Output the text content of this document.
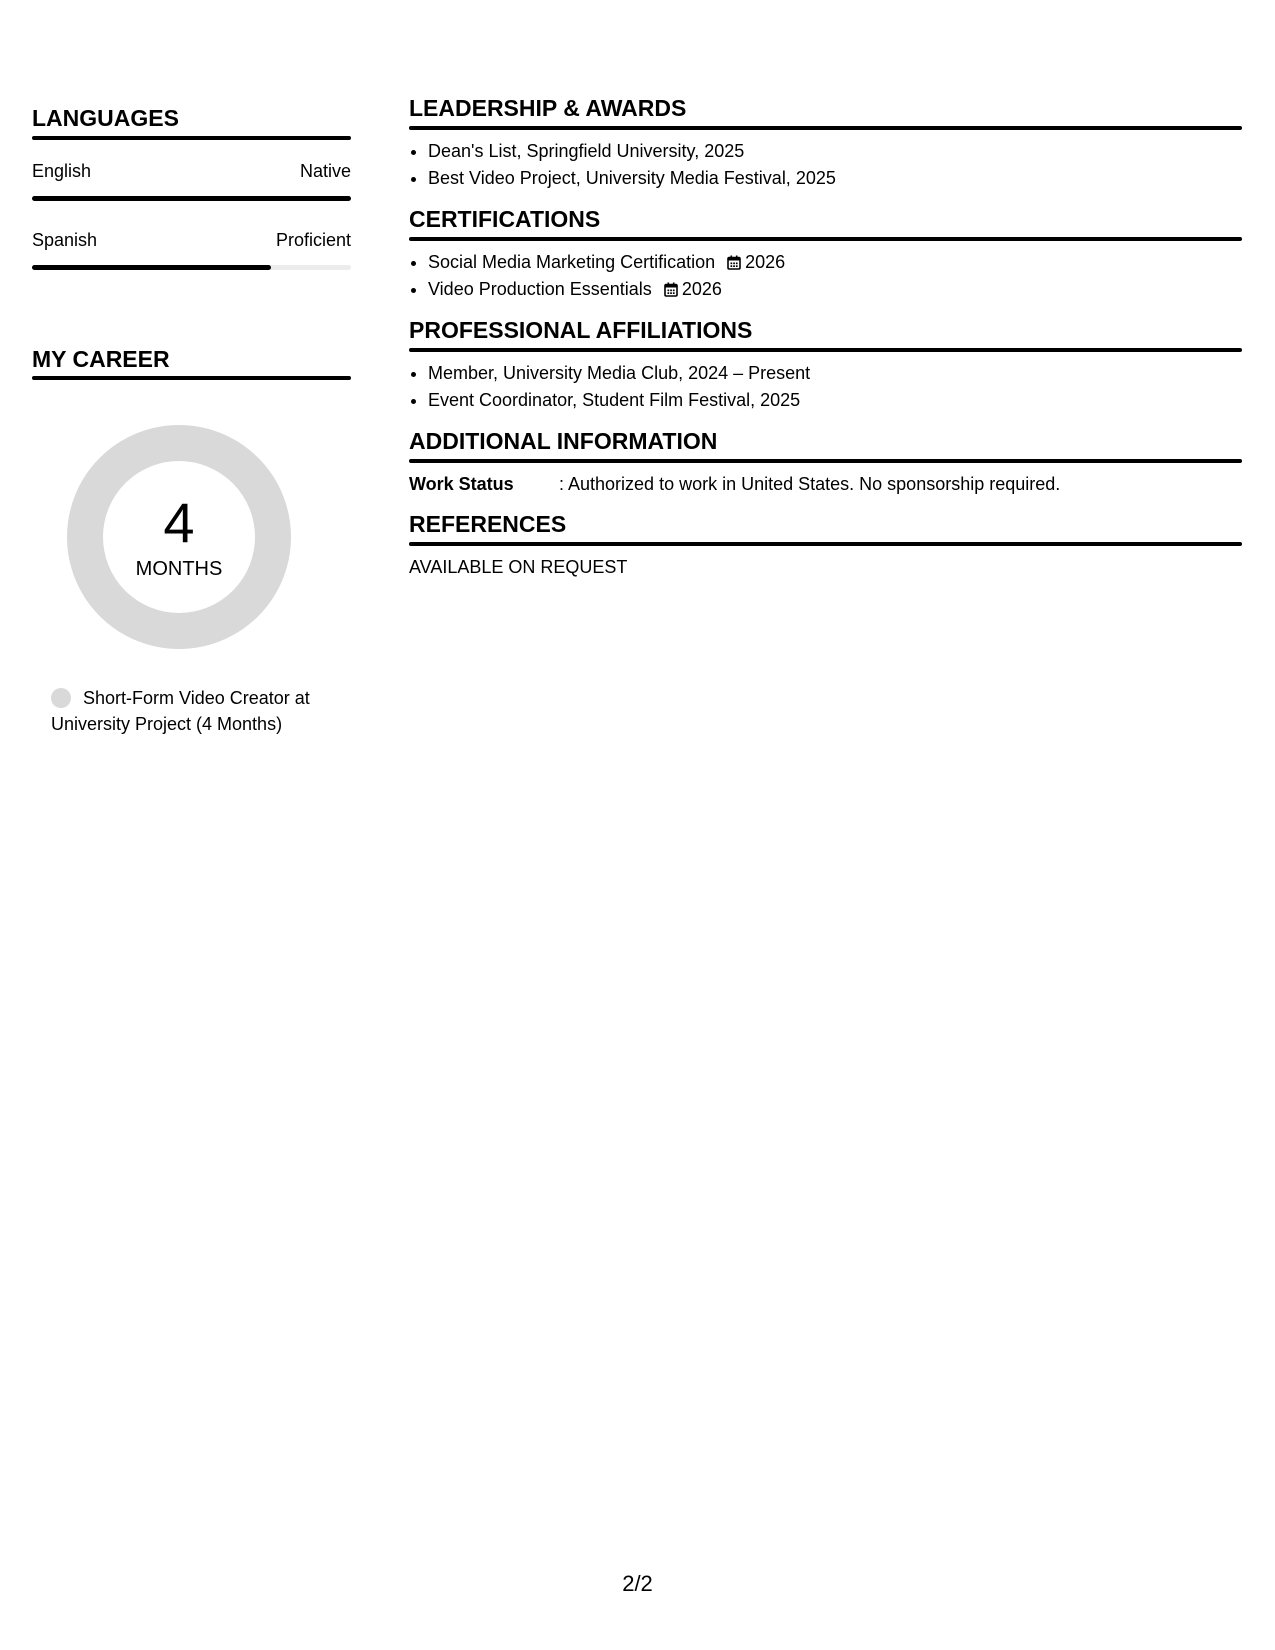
LANGUAGES
English	Native
Spanish	Proficient
MY CAREER
4
MONTHS
Short-Form Video Creator at University Project (4 Months)
LEADERSHIP & AWARDS
• Dean's List, Springfield University, 2025
• Best Video Project, University Media Festival, 2025
CERTIFICATIONS
• Social Media Marketing Certification 2026
• Video Production Essentials 2026
PROFESSIONAL AFFILIATIONS
• Member, University Media Club, 2024 – Present
• Event Coordinator, Student Film Festival, 2025
ADDITIONAL INFORMATION
Work Status	: Authorized to work in United States. No sponsorship required.
REFERENCES
AVAILABLE ON REQUEST
2/2
